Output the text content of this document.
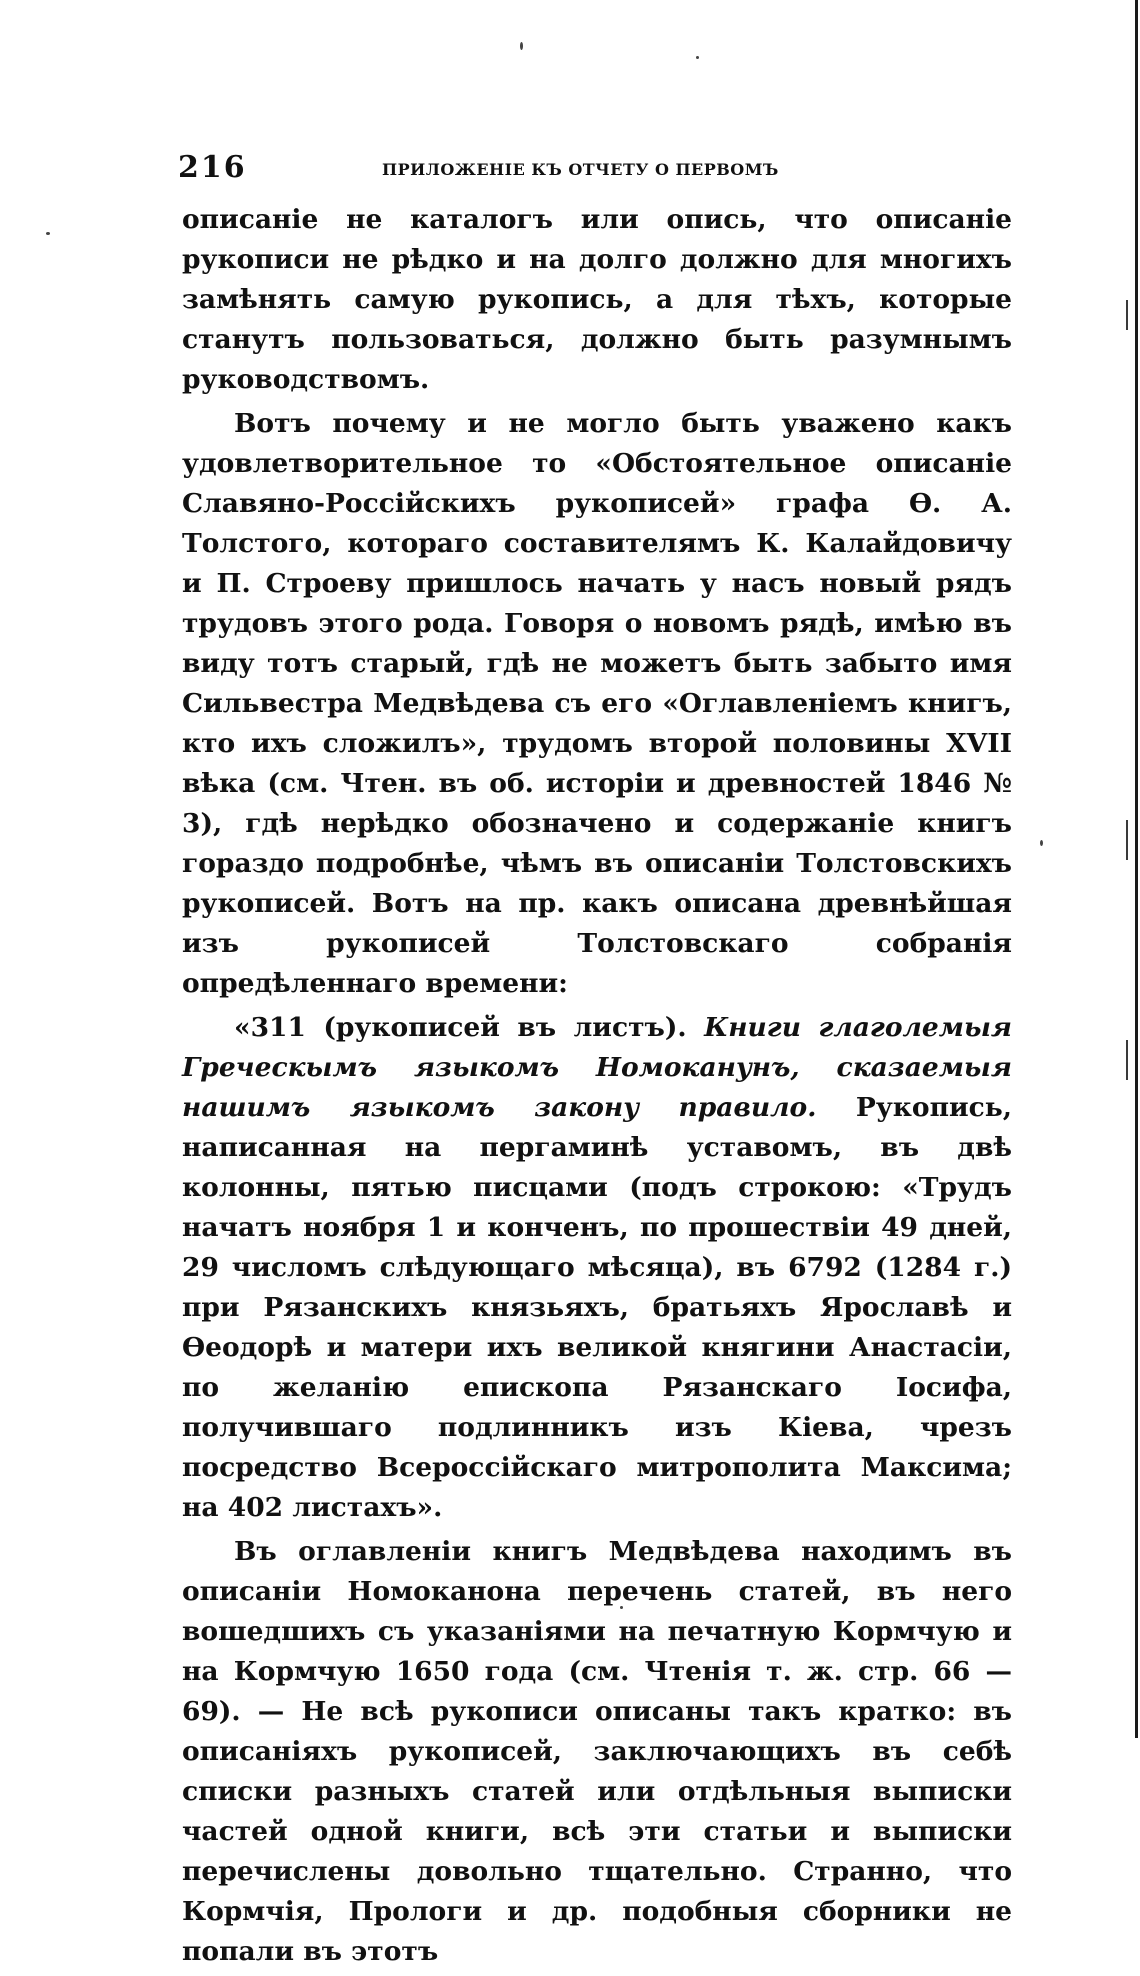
216	ПРИЛОЖЕНІЕ КЪ ОТЧЕТУ О ПЕРВОМЪ

описаніе не каталогъ или опись, что описаніе рукописи не рѣдко и на долго должно для многихъ замѣнять самую рукопись, а для тѣхъ, которые станутъ пользоваться, должно быть разумнымъ руководствомъ.

Вотъ почему и не могло быть уважено какъ удовлетворительное то «Обстоятельное описаніе Славяно-Россійскихъ рукописей» графа Ѳ. А. Толстого, котораго составителямъ К. Калайдовичу и П. Строеву пришлось начать у насъ новый рядъ трудовъ этого рода. Говоря о новомъ рядѣ, имѣю въ виду тотъ старый, гдѣ не можетъ быть забыто имя Сильвестра Медвѣдева съ его «Оглавленіемъ книгъ, кто ихъ сложилъ», трудомъ второй половины XVII вѣка (см. Чтен. въ об. исторіи и древностей 1846 № 3), гдѣ нерѣдко обозначено и содержаніе книгъ гораздо подробнѣе, чѣмъ въ описаніи Толстовскихъ рукописей. Вотъ на пр. какъ описана древнѣйшая изъ рукописей Толстовскаго собранія опредѣленнаго времени:

«311 (рукописей въ листъ). Книги глаголемыя Греческымъ языкомъ Номоканунъ, сказаемыя нашимъ языкомъ закону правило. Рукопись, написанная на пергаминѣ уставомъ, въ двѣ колонны, пятью писцами (подъ строкою: «Трудъ начатъ ноября 1 и конченъ, по прошествіи 49 дней, 29 числомъ слѣдующаго мѣсяца), въ 6792 (1284 г.) при Рязанскихъ князьяхъ, братьяхъ Ярославѣ и Ѳеодорѣ и матери ихъ великой княгини Анастасіи, по желанію епископа Рязанскаго Іосифа, получившаго подлинникъ изъ Кіева, чрезъ посредство Всероссійскаго митрополита Максима; на 402 листахъ».

Въ оглавленіи книгъ Медвѣдева находимъ въ описаніи Номоканона перечень статей, въ него вошедшихъ съ указаніями на печатную Кормчую и на Кормчую 1650 года (см. Чтенія т. ж. стр. 66 — 69). — Не всѣ рукописи описаны такъ кратко: въ описаніяхъ рукописей, заключающихъ въ себѣ списки разныхъ статей или отдѣльныя выписки частей одной книги, всѣ эти статьи и выписки перечислены довольно тщательно. Странно, что Кормчія, Прологи и др. подобныя сборники не попали въ этотъ
